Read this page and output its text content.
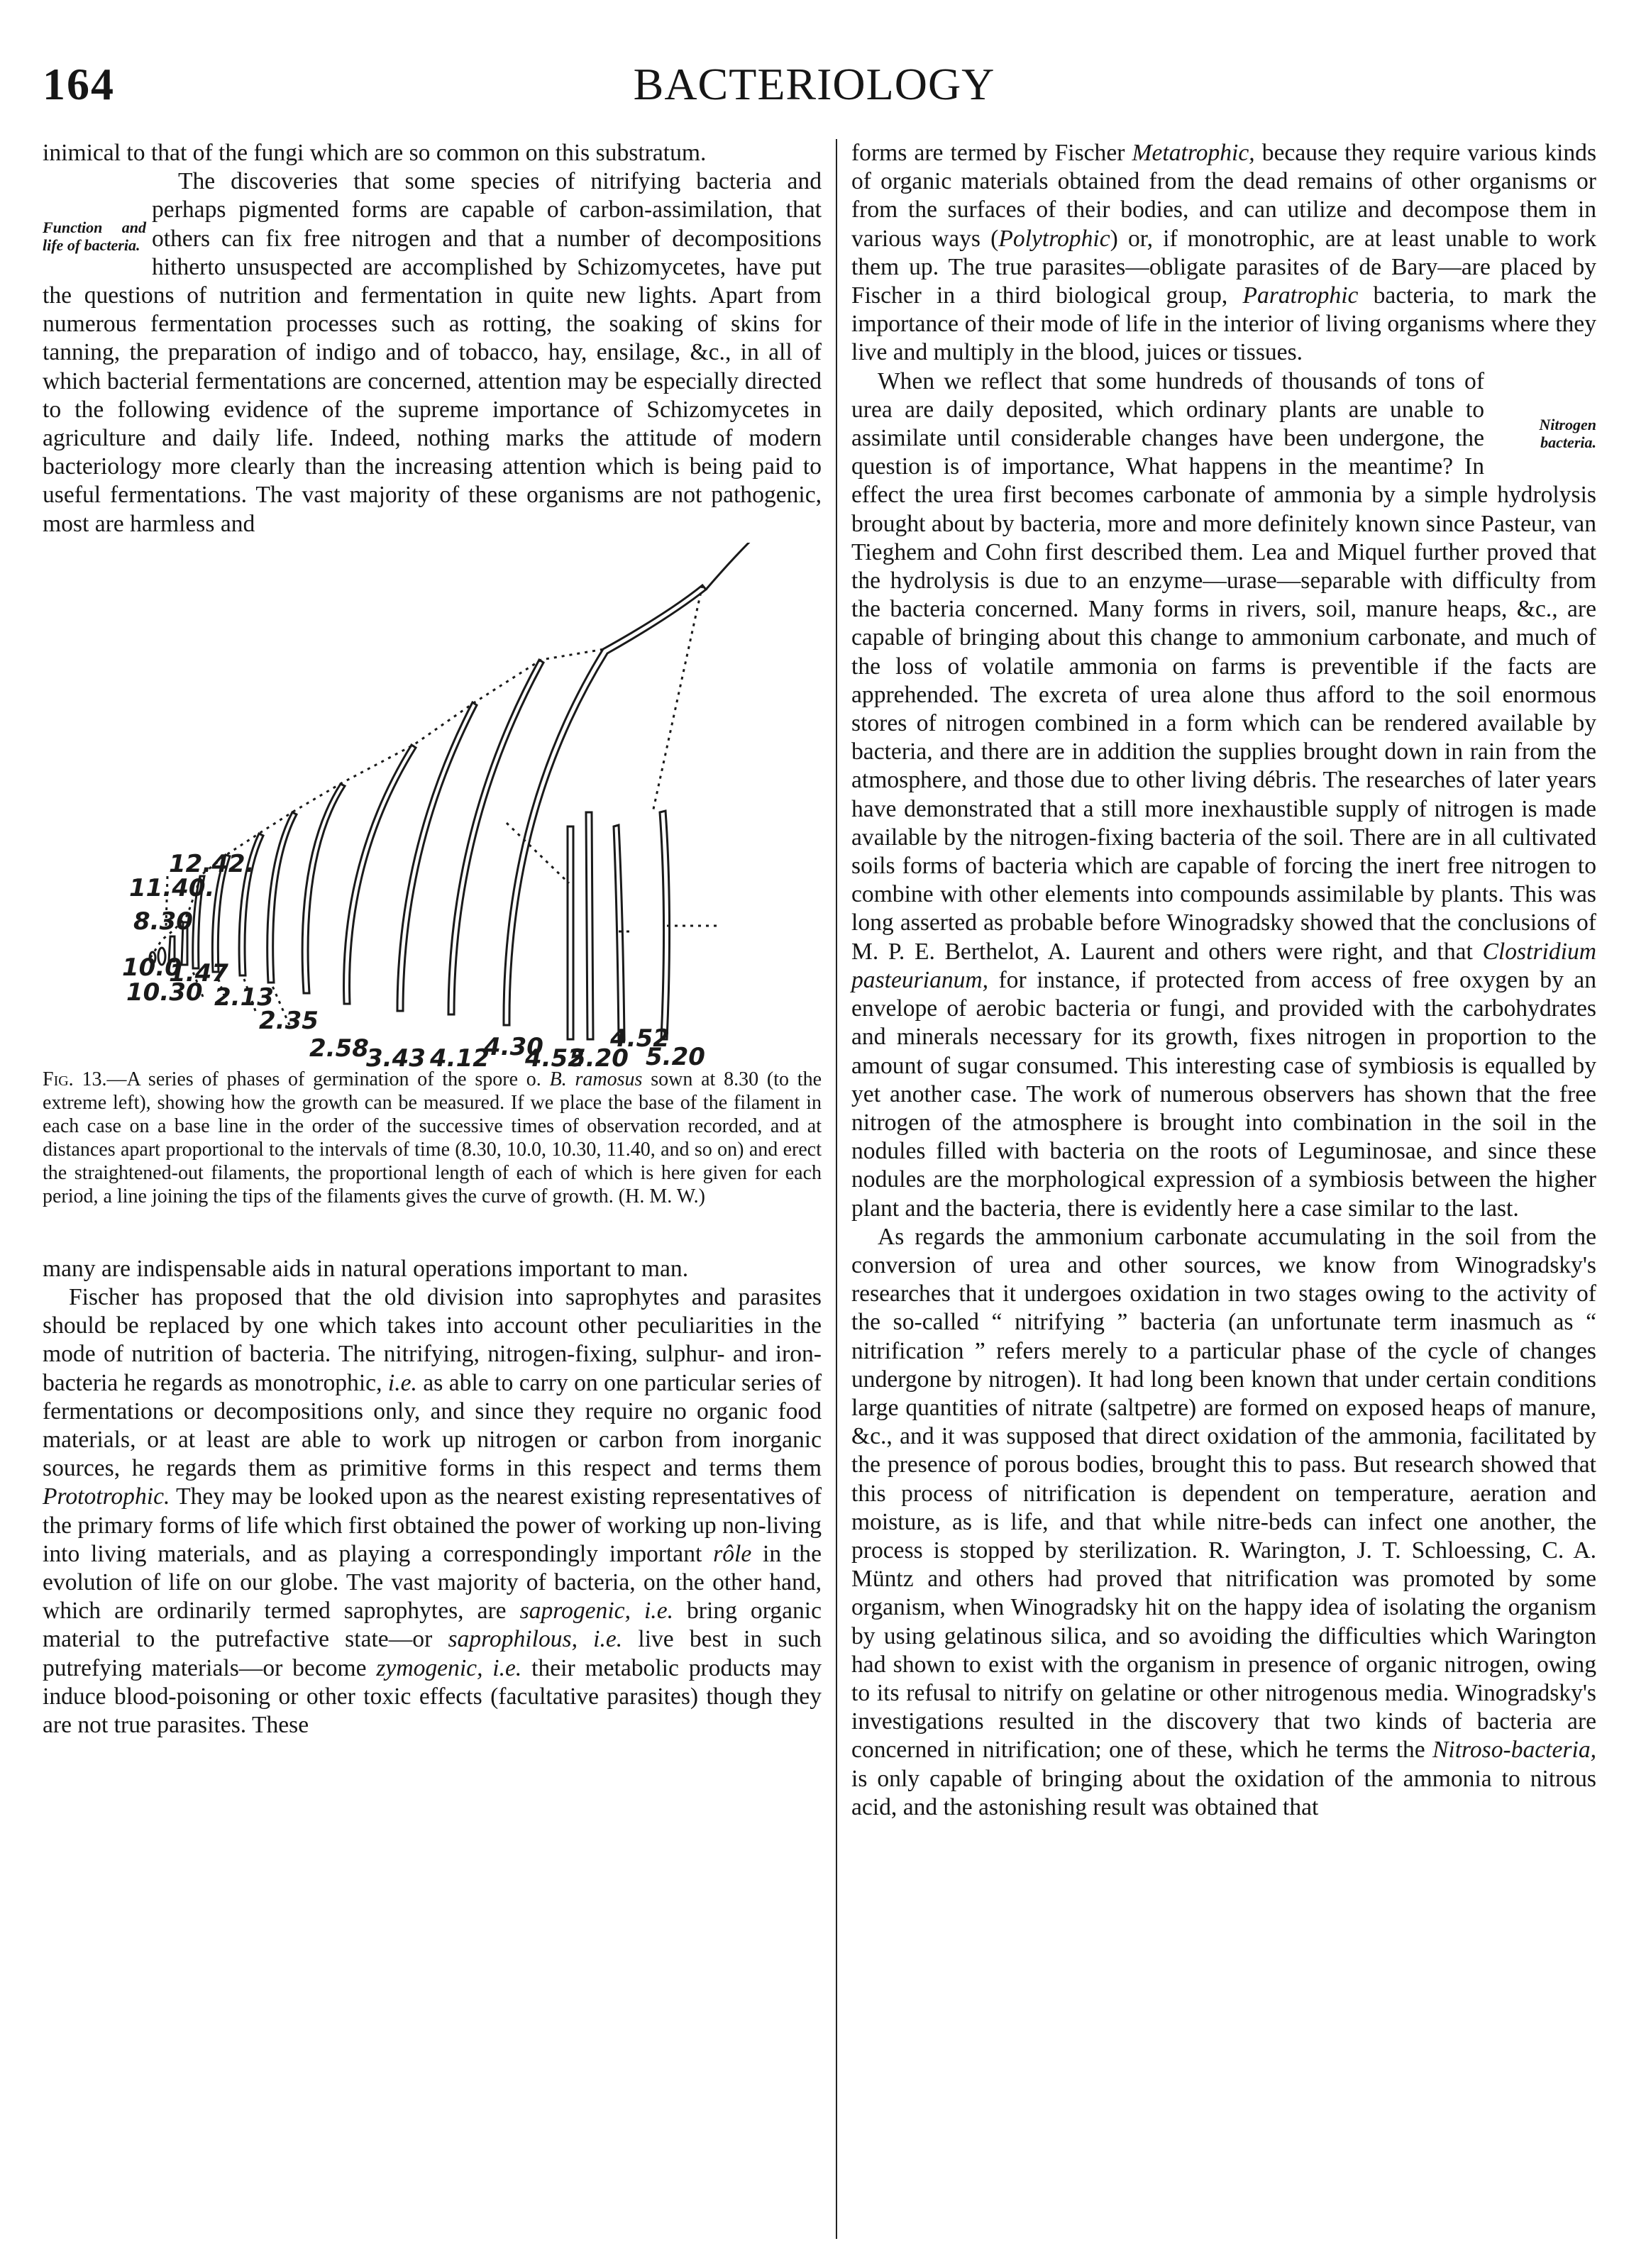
164	BACTERIOLOGY

inimical to that of the fungi which are so common on this substratum.

Function and life of bacteria.
The discoveries that some species of nitrifying bacteria and perhaps pigmented forms are capable of carbon-assimilation, that others can fix free nitrogen and that a number of decompositions hitherto unsuspected are accomplished by Schizomycetes, have put the questions of nutrition and fermentation in quite new lights. Apart from numerous fermentation processes such as rotting, the soaking of skins for tanning, the preparation of indigo and of tobacco, hay, ensilage, &c., in all of which bacterial fermentations are concerned, attention may be especially directed to the following evidence of the supreme importance of Schizomycetes in agriculture and daily life. Indeed, nothing marks the attitude of modern bacteriology more clearly than the increasing attention which is being paid to useful fermentations. The vast majority of these organisms are not pathogenic, most are harmless and

12.42.
11.40.
8.30
10.0
1.47
10.30 2.13
2.35
2.58
3.43 4.12
4.30	4.52
4.52	5.20
5.20
Fig. 13.—A series of phases of germination of the spore o. B. ramosus sown at 8.30 (to the extreme left), showing how the growth can be measured. If we place the base of the filament in each case on a base line in the order of the successive times of observation recorded, and at distances apart proportional to the intervals of time (8.30, 10.0, 10.30, 11.40, and so on) and erect the straightened-out filaments, the proportional length of each of which is here given for each period, a line joining the tips of the filaments gives the curve of growth. (H. M. W.)

many are indispensable aids in natural operations important to man.

Fischer has proposed that the old division into saprophytes and parasites should be replaced by one which takes into account other peculiarities in the mode of nutrition of bacteria. The nitrifying, nitrogen-fixing, sulphur- and iron-bacteria he regards as monotrophic, i.e. as able to carry on one particular series of fermentations or decompositions only, and since they require no organic food materials, or at least are able to work up nitrogen or carbon from inorganic sources, he regards them as primitive forms in this respect and terms them Prototrophic. They may be looked upon as the nearest existing representatives of the primary forms of life which first obtained the power of working up non-living into living materials, and as playing a correspondingly important rôle in the evolution of life on our globe. The vast majority of bacteria, on the other hand, which are ordinarily termed saprophytes, are saprogenic, i.e. bring organic material to the putrefactive state—or saprophilous, i.e. live best in such putrefying materials—or become zymogenic, i.e. their metabolic products may induce blood-poisoning or other toxic effects (facultative parasites) though they are not true parasites. These

forms are termed by Fischer Metatrophic, because they require various kinds of organic materials obtained from the dead remains of other organisms or from the surfaces of their bodies, and can utilize and decompose them in various ways (Polytrophic) or, if monotrophic, are at least unable to work them up. The true parasites—obligate parasites of de Bary—are placed by Fischer in a third biological group, Paratrophic bacteria, to mark the importance of their mode of life in the interior of living organisms where they live and multiply in the blood, juices or tissues.

Nitrogen bacteria.
When we reflect that some hundreds of thousands of tons of urea are daily deposited, which ordinary plants are unable to assimilate until considerable changes have been undergone, the question is of importance, What happens in the meantime? In effect the urea first becomes carbonate of ammonia by a simple hydrolysis brought about by bacteria, more and more definitely known since Pasteur, van Tieghem and Cohn first described them. Lea and Miquel further proved that the hydrolysis is due to an enzyme—urase—separable with difficulty from the bacteria concerned. Many forms in rivers, soil, manure heaps, &c., are capable of bringing about this change to ammonium carbonate, and much of the loss of volatile ammonia on farms is preventible if the facts are apprehended. The excreta of urea alone thus afford to the soil enormous stores of nitrogen combined in a form which can be rendered available by bacteria, and there are in addition the supplies brought down in rain from the atmosphere, and those due to other living débris. The researches of later years have demonstrated that a still more inexhaustible supply of nitrogen is made available by the nitrogen-fixing bacteria of the soil. There are in all cultivated soils forms of bacteria which are capable of forcing the inert free nitrogen to combine with other elements into compounds assimilable by plants. This was long asserted as probable before Winogradsky showed that the conclusions of M. P. E. Berthelot, A. Laurent and others were right, and that Clostridium pasteurianum, for instance, if protected from access of free oxygen by an envelope of aerobic bacteria or fungi, and provided with the carbohydrates and minerals necessary for its growth, fixes nitrogen in proportion to the amount of sugar consumed. This interesting case of symbiosis is equalled by yet another case. The work of numerous observers has shown that the free nitrogen of the atmosphere is brought into combination in the soil in the nodules filled with bacteria on the roots of Leguminosae, and since these nodules are the morphological expression of a symbiosis between the higher plant and the bacteria, there is evidently here a case similar to the last.

As regards the ammonium carbonate accumulating in the soil from the conversion of urea and other sources, we know from Winogradsky's researches that it undergoes oxidation in two stages owing to the activity of the so-called “ nitrifying ” bacteria (an unfortunate term inasmuch as “ nitrification ” refers merely to a particular phase of the cycle of changes undergone by nitrogen). It had long been known that under certain conditions large quantities of nitrate (saltpetre) are formed on exposed heaps of manure, &c., and it was supposed that direct oxidation of the ammonia, facilitated by the presence of porous bodies, brought this to pass. But research showed that this process of nitrification is dependent on temperature, aeration and moisture, as is life, and that while nitre-beds can infect one another, the process is stopped by sterilization. R. Warington, J. T. Schloessing, C. A. Müntz and others had proved that nitrification was promoted by some organism, when Winogradsky hit on the happy idea of isolating the organism by using gelatinous silica, and so avoiding the difficulties which Warington had shown to exist with the organism in presence of organic nitrogen, owing to its refusal to nitrify on gelatine or other nitrogenous media. Winogradsky's investigations resulted in the discovery that two kinds of bacteria are concerned in nitrification; one of these, which he terms the Nitroso-bacteria, is only capable of bringing about the oxidation of the ammonia to nitrous acid, and the astonishing result was obtained that
